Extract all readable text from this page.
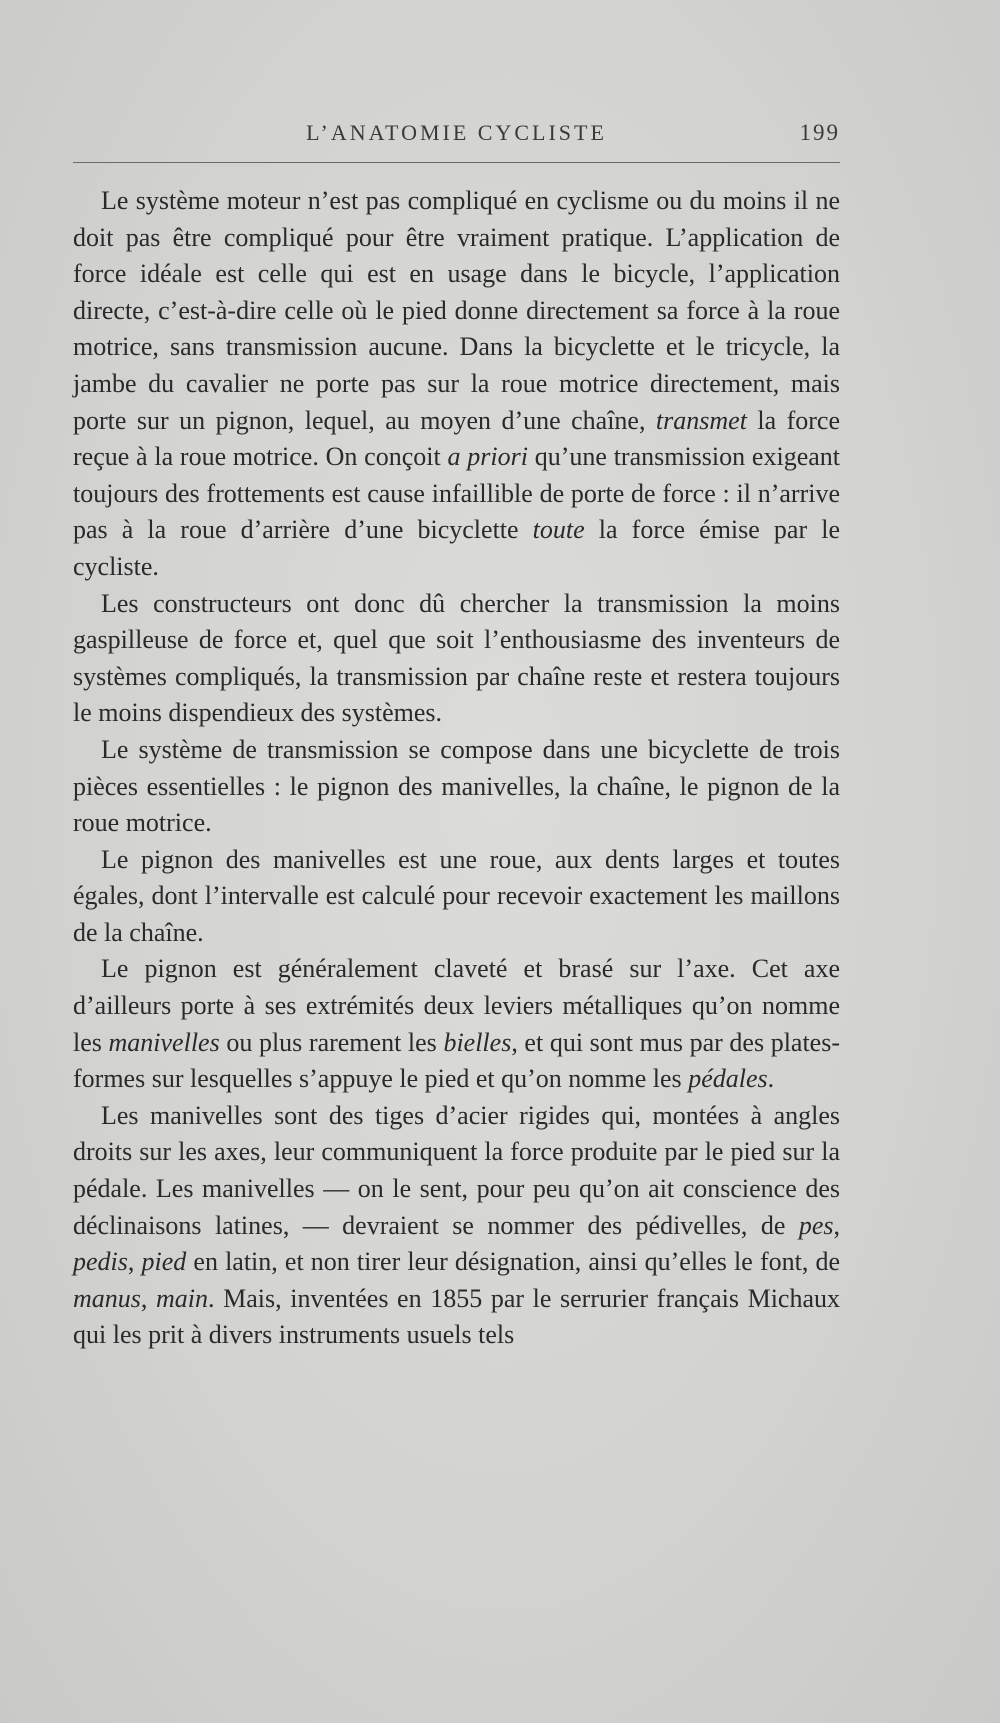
L’ANATOMIE CYCLISTE	199

Le système moteur n’est pas compliqué en cyclisme ou du moins il ne doit pas être compliqué pour être vraiment pratique. L’application de force idéale est celle qui est en usage dans le bicycle, l’application directe, c’est-à-dire celle où le pied donne directement sa force à la roue motrice, sans transmission aucune. Dans la bicyclette et le tricycle, la jambe du cavalier ne porte pas sur la roue motrice directement, mais porte sur un pignon, lequel, au moyen d’une chaîne, transmet la force reçue à la roue motrice. On conçoit a priori qu’une transmission exigeant toujours des frottements est cause infaillible de porte de force : il n’arrive pas à la roue d’arrière d’une bicyclette toute la force émise par le cycliste.

Les constructeurs ont donc dû chercher la transmission la moins gaspilleuse de force et, quel que soit l’enthousiasme des inventeurs de systèmes compliqués, la transmission par chaîne reste et restera toujours le moins dispendieux des systèmes.

Le système de transmission se compose dans une bicyclette de trois pièces essentielles : le pignon des manivelles, la chaîne, le pignon de la roue motrice.

Le pignon des manivelles est une roue, aux dents larges et toutes égales, dont l’intervalle est calculé pour recevoir exactement les maillons de la chaîne.

Le pignon est généralement claveté et brasé sur l’axe. Cet axe d’ailleurs porte à ses extrémités deux leviers métalliques qu’on nomme les manivelles ou plus rarement les bielles, et qui sont mus par des plates-formes sur lesquelles s’appuye le pied et qu’on nomme les pédales.

Les manivelles sont des tiges d’acier rigides qui, montées à angles droits sur les axes, leur communiquent la force produite par le pied sur la pédale. Les manivelles — on le sent, pour peu qu’on ait conscience des déclinaisons latines, — devraient se nommer des pédivelles, de pes, pedis, pied en latin, et non tirer leur désignation, ainsi qu’elles le font, de manus, main. Mais, inventées en 1855 par le serrurier français Michaux qui les prit à divers instruments usuels tels
